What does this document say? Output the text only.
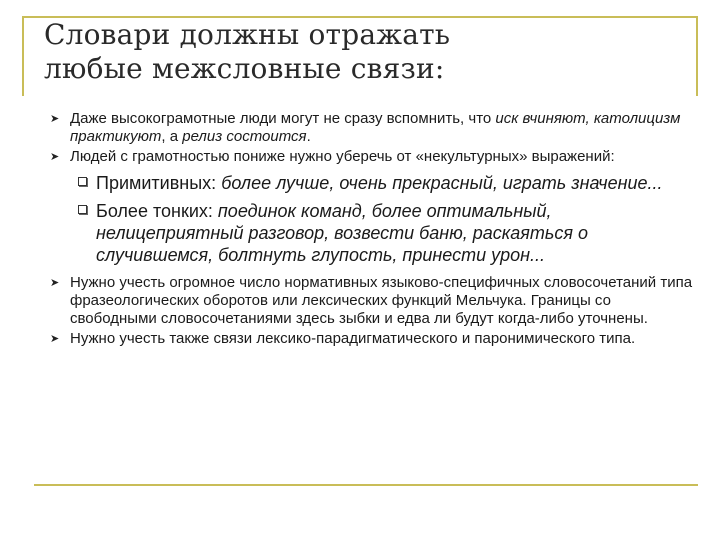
Словари должны отражать
любые межсловные связи:
➤ Даже высокограмотные люди могут не сразу вспомнить, что иск вчиняют, католицизм практикуют, а релиз состоится.
➤ Людей с грамотностью пониже нужно уберечь от «некультурных» выражений:
Примитивных: более лучше, очень прекрасный, играть значение...
Более тонких: поединок команд, более оптимальный, нелицеприятный разговор, возвести баню, раскаяться о случившемся, болтнуть глупость, принести урон...
➤ Нужно учесть огромное число нормативных языково-специфичных словосочетаний типа фразеологических оборотов или лексических функций Мельчука. Границы со свободными словосочетаниями здесь зыбки и едва ли будут когда-либо уточнены.
➤ Нужно учесть также связи лексико-парадигматического и паронимического типа.
